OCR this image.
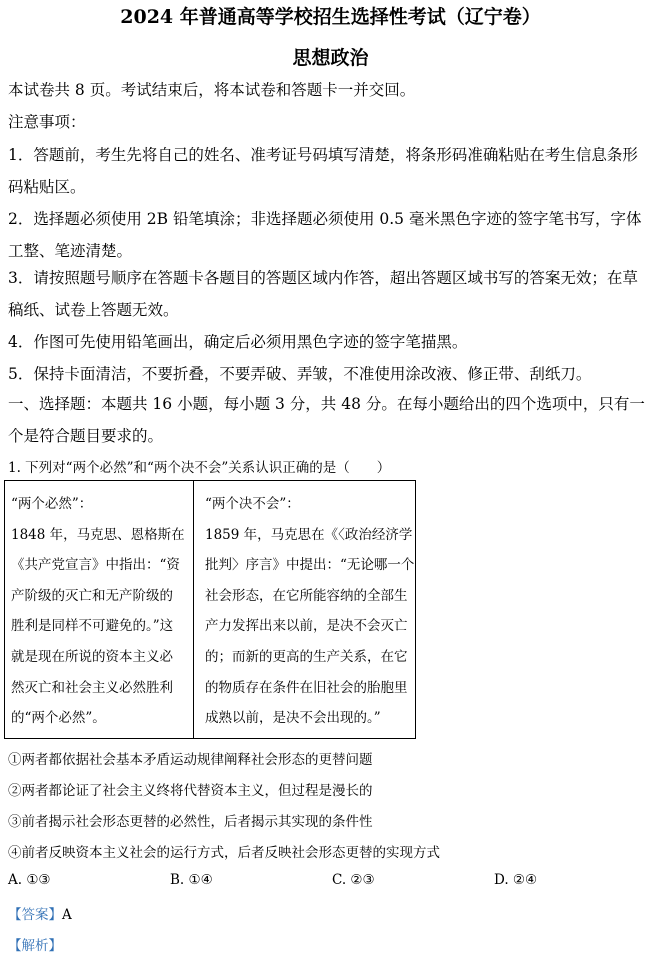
2024 年普通高等学校招生选择性考试（辽宁卷）
思想政治
本试卷共 8 页。考试结束后，将本试卷和答题卡一并交回。
注意事项：
1．答题前，考生先将自己的姓名、准考证号码填写清楚，将条形码准确粘贴在考生信息条形
码粘贴区。
2．选择题必须使用 2B 铅笔填涂；非选择题必须使用 0.5 毫米黑色字迹的签字笔书写，字体
工整、笔迹清楚。
3．请按照题号顺序在答题卡各题目的答题区域内作答，超出答题区域书写的答案无效；在草
稿纸、试卷上答题无效。
4．作图可先使用铅笔画出，确定后必须用黑色字迹的签字笔描黑。
5．保持卡面清洁，不要折叠，不要弄破、弄皱，不准使用涂改液、修正带、刮纸刀。
一、选择题：本题共 16 小题，每小题 3 分，共 48 分。在每小题给出的四个选项中，只有一
个是符合题目要求的。
1. 下列对“两个必然”和“两个决不会”关系认识正确的是（　　）
“两个必然”：
1848 年，马克思、恩格斯在
《共产党宣言》中指出：“资
产阶级的灭亡和无产阶级的
胜利是同样不可避免的。”这
就是现在所说的资本主义必
然灭亡和社会主义必然胜利
的“两个必然”。
“两个决不会”：
1859 年，马克思在《〈政治经济学
批判〉序言》中提出：“无论哪一个
社会形态，在它所能容纳的全部生
产力发挥出来以前，是决不会灭亡
的；而新的更高的生产关系，在它
的物质存在条件在旧社会的胎胞里
成熟以前，是决不会出现的。”
①两者都依据社会基本矛盾运动规律阐释社会形态的更替问题
②两者都论证了社会主义终将代替资本主义，但过程是漫长的
③前者揭示社会形态更替的必然性，后者揭示其实现的条件性
④前者反映资本主义社会的运行方式，后者反映社会形态更替的实现方式
A. ①③	B. ①④	C. ②③	D. ②④
【答案】A
【解析】
